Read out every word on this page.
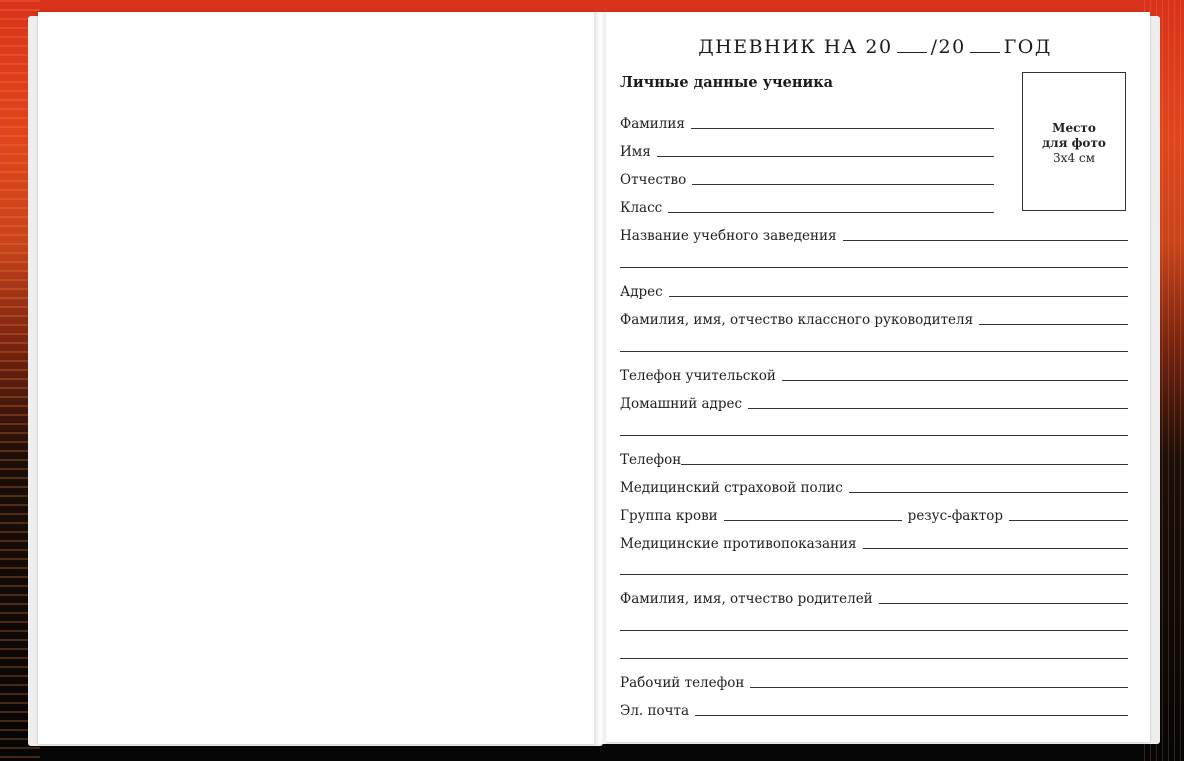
ДНЕВНИК НА 20 /20 ГОД
Личные данные ученика
Место
для фото
3х4 см
Фамилия
Имя
Отчество
Класс
Название учебного заведения
Адрес
Фамилия, имя, отчество классного руководителя
Телефон учительской
Домашний адрес
Телефон
Медицинский страховой полис
Группа крови	резус-фактор
Медицинские противопоказания
Фамилия, имя, отчество родителей
Рабочий телефон
Эл. почта
